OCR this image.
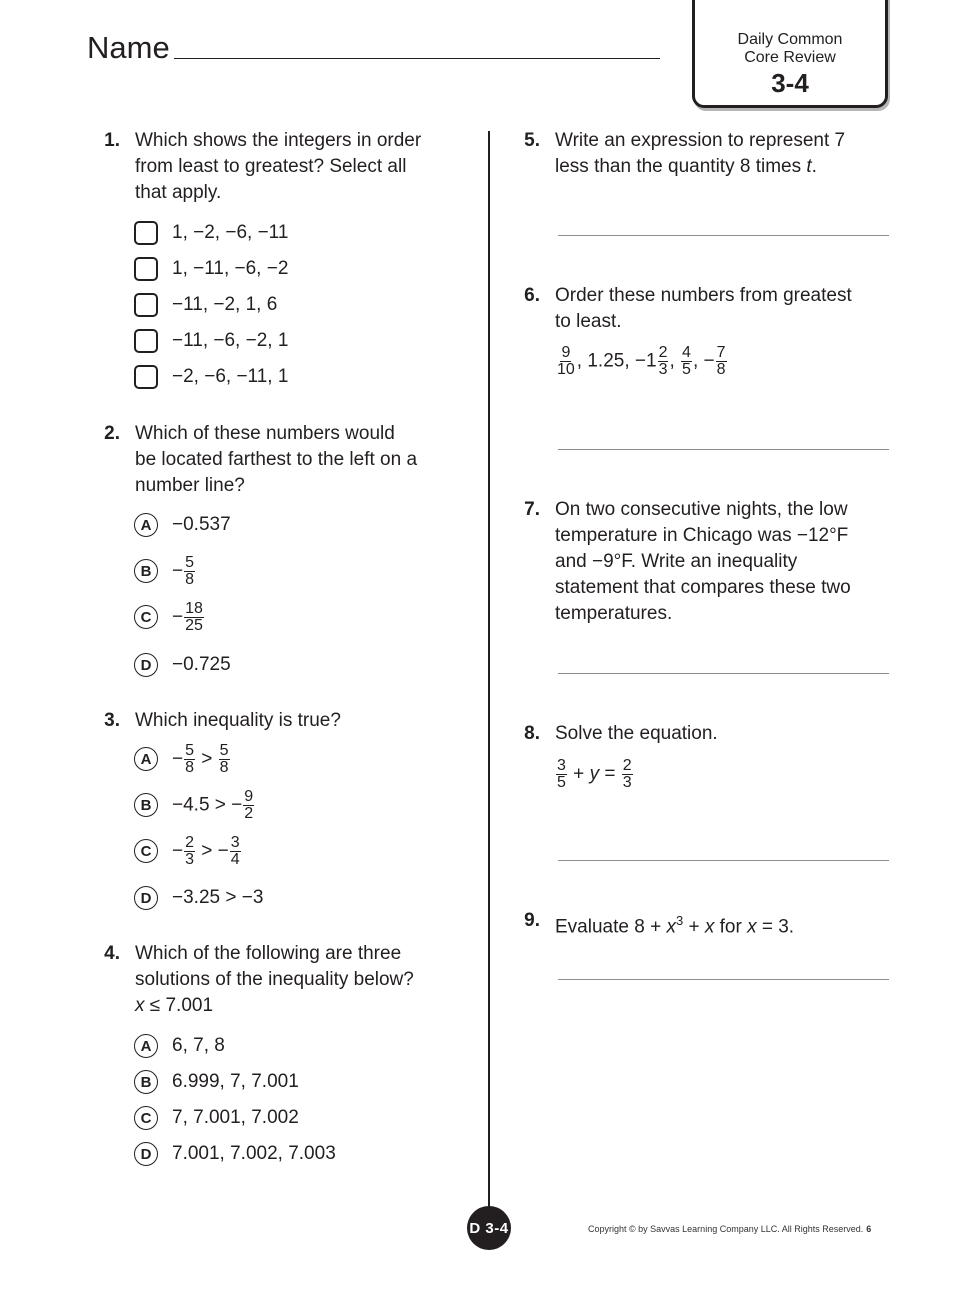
Name	Daily Common
Core Review
3-4
1. Which shows the integers in order
from least to greatest? Select all
that apply.
1, −2, −6, −11
1, −11, −6, −2
−11, −2, 1, 6
−11, −6, −2, 1
−2, −6, −11, 1
2. Which of these numbers would
be located farthest to the left on a
number line?
A	−0.537
B	− $\frac{5}{8}$
C	− $\frac{18}{25}$
D	−0.725
3. Which inequality is true?
A	− $\frac{5}{8} > \frac{5}{8}$
B	−4.5 > − $\frac{9}{2}$
C	− $\frac{2}{3}$ > − $\frac{3}{4}$
D	−3.25 > −3
4. Which of the following are three
solutions of the inequality below?
x ≤ 7.001
A	6, 7, 8
B	6.999, 7, 7.001
C	7, 7.001, 7.002
D	7.001, 7.002, 7.003
5. Write an expression to represent 7
less than the quantity 8 times t.
6. Order these numbers from greatest
to least.
$\frac{9}{10}$ , 1.25, $-1 \frac{2}{3}$ , $\frac{4}{5}$ , − $\frac{7}{8}$
7. On two consecutive nights, the low
temperature in Chicago was −12°F
and −9°F. Write an inequality
statement that compares these two
temperatures.
8. Solve the equation.
$\frac{3}{5} + y = \frac{2}{3}$
9. Evaluate $8 + x^3 + x$ for x = 3.
D 3-4	Copyright © by Savvas Learning Company LLC. All Rights Reserved. 6
